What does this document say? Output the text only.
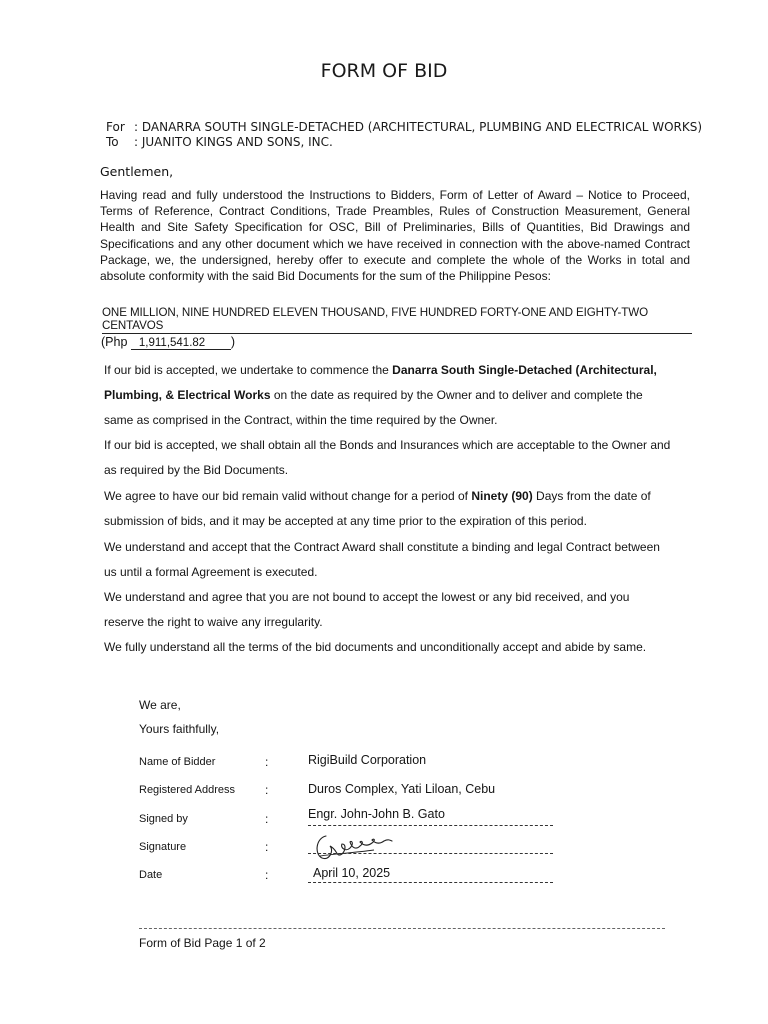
FORM OF BID
For : DANARRA SOUTH SINGLE-DETACHED (ARCHITECTURAL, PLUMBING AND ELECTRICAL WORKS)
To : JUANITO KINGS AND SONS, INC.
Gentlemen,
Having read and fully understood the Instructions to Bidders, Form of Letter of Award – Notice to Proceed, Terms of Reference, Contract Conditions, Trade Preambles, Rules of Construction Measurement, General Health and Site Safety Specification for OSC, Bill of Preliminaries, Bills of Quantities, Bid Drawings and Specifications and any other document which we have received in connection with the above-named Contract Package, we, the undersigned, hereby offer to execute and complete the whole of the Works in total and absolute conformity with the said Bid Documents for the sum of the Philippine Pesos:
ONE MILLION, NINE HUNDRED ELEVEN THOUSAND, FIVE HUNDRED FORTY-ONE AND EIGHTY-TWO CENTAVOS
(Php 1,911,541.82 )
If our bid is accepted, we undertake to commence the Danarra South Single-Detached (Architectural,
Plumbing, & Electrical Works on the date as required by the Owner and to deliver and complete the
same as comprised in the Contract, within the time required by the Owner.
If our bid is accepted, we shall obtain all the Bonds and Insurances which are acceptable to the Owner and
as required by the Bid Documents.
We agree to have our bid remain valid without change for a period of Ninety (90) Days from the date of
submission of bids, and it may be accepted at any time prior to the expiration of this period.
We understand and accept that the Contract Award shall constitute a binding and legal Contract between
us until a formal Agreement is executed.
We understand and agree that you are not bound to accept the lowest or any bid received, and you
reserve the right to waive any irregularity.
We fully understand all the terms of the bid documents and unconditionally accept and abide by same.
We are,
Yours faithfully,
Name of Bidder	:	RigiBuild Corporation
Registered Address	:	Duros Complex, Yati Liloan, Cebu
Signed by	:	Engr. John-John B. Gato
Signature	:
Date	:	April 10, 2025
Form of Bid Page 1 of 2
